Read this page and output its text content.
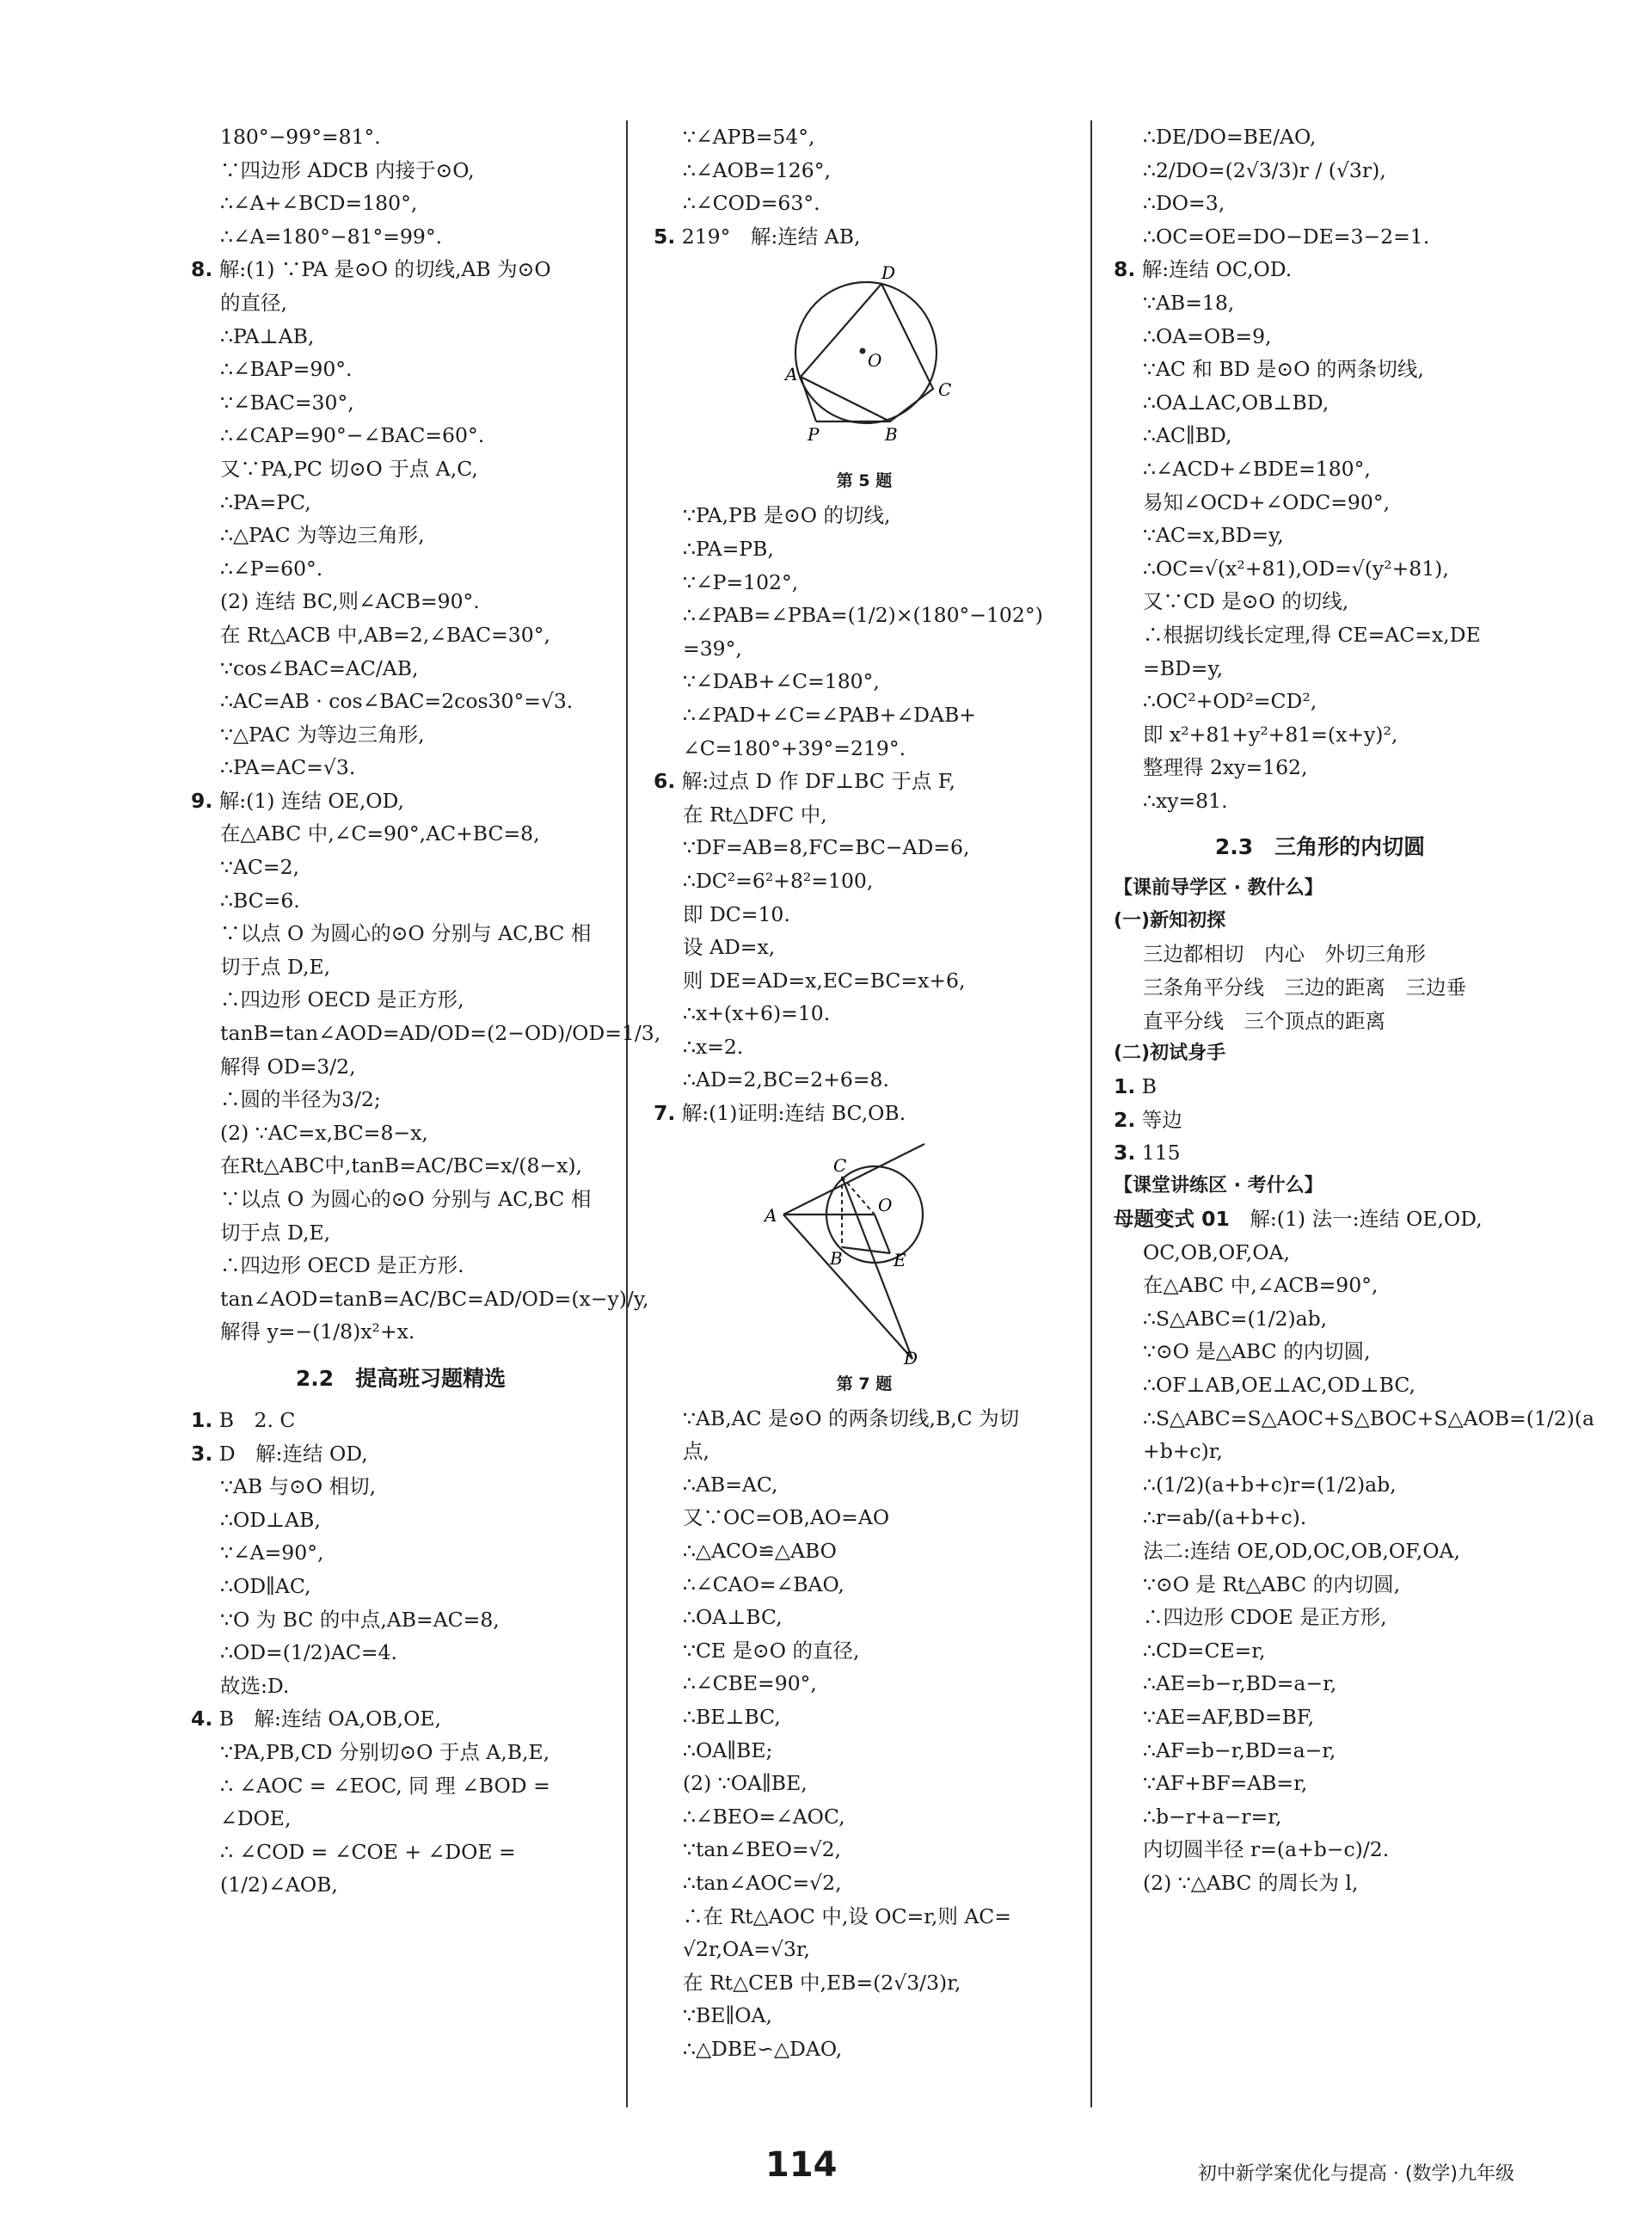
180°−99°=81°.
∵四边形 ADCB 内接于⊙O,
∴∠A+∠BCD=180°,
∴∠A=180°−81°=99°.
8. 解:(1) ∵PA 是⊙O 的切线,AB 为⊙O
的直径,
∴PA⊥AB,
∴∠BAP=90°.
∵∠BAC=30°,
∴∠CAP=90°−∠BAC=60°.
又∵PA,PC 切⊙O 于点 A,C,
∴PA=PC,
∴△PAC 为等边三角形,
∴∠P=60°.
(2) 连结 BC,则∠ACB=90°.
在 Rt△ACB 中,AB=2,∠BAC=30°,
∵cos∠BAC=AC/AB,
∴AC=AB · cos∠BAC=2cos30°=√3.
∵△PAC 为等边三角形,
∴PA=AC=√3.
9. 解:(1) 连结 OE,OD,
在△ABC 中,∠C=90°,AC+BC=8,
∵AC=2,
∴BC=6.
∵以点 O 为圆心的⊙O 分别与 AC,BC 相
切于点 D,E,
∴四边形 OECD 是正方形,
tanB=tan∠AOD=AD/OD=(2−OD)/OD=1/3,
解得 OD=3/2,
∴圆的半径为3/2;
(2) ∵AC=x,BC=8−x,
在Rt△ABC中,tanB=AC/BC=x/(8−x),
∵以点 O 为圆心的⊙O 分别与 AC,BC 相
切于点 D,E,
∴四边形 OECD 是正方形.
tan∠AOD=tanB=AC/BC=AD/OD=(x−y)/y,
解得 y=−(1/8)x²+x.
2.2　提高班习题精选
1. B　2. C
3. D　解:连结 OD,
∵AB 与⊙O 相切,
∴OD⊥AB,
∵∠A=90°,
∴OD∥AC,
∵O 为 BC 的中点,AB=AC=8,
∴OD=(1/2)AC=4.
故选:D.
4. B　解:连结 OA,OB,OE,
∵PA,PB,CD 分别切⊙O 于点 A,B,E,
∴ ∠AOC = ∠EOC, 同 理 ∠BOD =
∠DOE,
∴ ∠COD = ∠COE + ∠DOE =
(1/2)∠AOB,
∵∠APB=54°,
∴∠AOB=126°,
∴∠COD=63°.
5. 219°　解:连结 AB,
D
O
A
C
P	B
第 5 题
∵PA,PB 是⊙O 的切线,
∴PA=PB,
∵∠P=102°,
∴∠PAB=∠PBA=(1/2)×(180°−102°)
=39°,
∵∠DAB+∠C=180°,
∴∠PAD+∠C=∠PAB+∠DAB+
∠C=180°+39°=219°.
6. 解:过点 D 作 DF⊥BC 于点 F,
在 Rt△DFC 中,
∵DF=AB=8,FC=BC−AD=6,
∴DC²=6²+8²=100,
即 DC=10.
设 AD=x,
则 DE=AD=x,EC=BC=x+6,
∴x+(x+6)=10.
∴x=2.
∴AD=2,BC=2+6=8.
7. 解:(1)证明:连结 BC,OB.
C
A	O
B	E
D
第 7 题
∵AB,AC 是⊙O 的两条切线,B,C 为切
点,
∴AB=AC,
又∵OC=OB,AO=AO
∴△ACO≌△ABO
∴∠CAO=∠BAO,
∴OA⊥BC,
∵CE 是⊙O 的直径,
∴∠CBE=90°,
∴BE⊥BC,
∴OA∥BE;
(2) ∵OA∥BE,
∴∠BEO=∠AOC,
∵tan∠BEO=√2,
∴tan∠AOC=√2,
∴在 Rt△AOC 中,设 OC=r,则 AC=
√2r,OA=√3r,
在 Rt△CEB 中,EB=(2√3/3)r,
∵BE∥OA,
∴△DBE∽△DAO,
∴DE/DO=BE/AO,
∴2/DO=(2√3/3)r / (√3r),
∴DO=3,
∴OC=OE=DO−DE=3−2=1.
8. 解:连结 OC,OD.
∵AB=18,
∴OA=OB=9,
∵AC 和 BD 是⊙O 的两条切线,
∴OA⊥AC,OB⊥BD,
∴AC∥BD,
∴∠ACD+∠BDE=180°,
易知∠OCD+∠ODC=90°,
∵AC=x,BD=y,
∴OC=√(x²+81),OD=√(y²+81),
又∵CD 是⊙O 的切线,
∴根据切线长定理,得 CE=AC=x,DE
=BD=y,
∴OC²+OD²=CD²,
即 x²+81+y²+81=(x+y)²,
整理得 2xy=162,
∴xy=81.
2.3　三角形的内切圆
【课前导学区 · 教什么】
(一)新知初探
三边都相切　内心　外切三角形
三条角平分线　三边的距离　三边垂
直平分线　三个顶点的距离
(二)初试身手
1. B
2. 等边
3. 115
【课堂讲练区 · 考什么】
母题变式 01　解:(1) 法一:连结 OE,OD,
OC,OB,OF,OA,
在△ABC 中,∠ACB=90°,
∴S△ABC=(1/2)ab,
∵⊙O 是△ABC 的内切圆,
∴OF⊥AB,OE⊥AC,OD⊥BC,
∴S△ABC=S△AOC+S△BOC+S△AOB=(1/2)(a
+b+c)r,
∴(1/2)(a+b+c)r=(1/2)ab,
∴r=ab/(a+b+c).
法二:连结 OE,OD,OC,OB,OF,OA,
∵⊙O 是 Rt△ABC 的内切圆,
∴四边形 CDOE 是正方形,
∴CD=CE=r,
∴AE=b−r,BD=a−r,
∵AE=AF,BD=BF,
∴AF=b−r,BD=a−r,
∵AF+BF=AB=r,
∴b−r+a−r=r,
内切圆半径 r=(a+b−c)/2.
(2) ∵△ABC 的周长为 l,
114	初中新学案优化与提高 · (数学)九年级
